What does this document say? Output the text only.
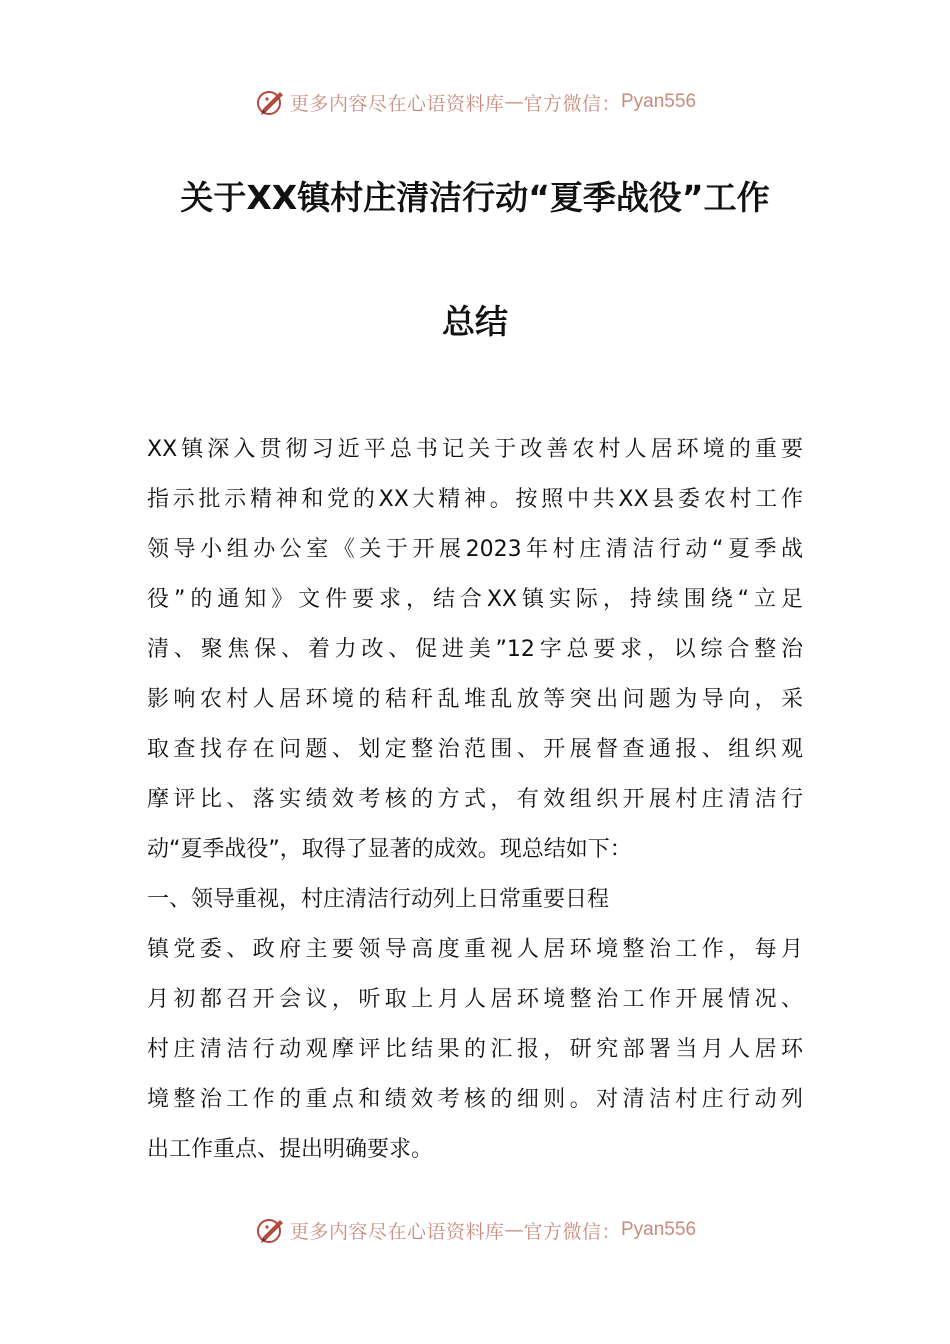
更多内容尽在心语资料库 — 官方微信： Pyan556
关于XX镇村庄清洁行动“夏季战役”工作
总结
XX镇深入贯彻习近平总书记关于改善农村人居环境的重要
指示批示精神和党的XX大精神。按照中共XX县委农村工作
领导小组办公室《关于开展2023年村庄清洁行动“夏季战
役”的通知》文件要求，结合XX镇实际，持续围绕“立足
清、聚焦保、着力改、促进美”12字总要求，以综合整治
影响农村人居环境的秸秆乱堆乱放等突出问题为导向，采
取查找存在问题、划定整治范围、开展督查通报、组织观
摩评比、落实绩效考核的方式，有效组织开展村庄清洁行
动“夏季战役”，取得了显著的成效。现总结如下：
一、领导重视，村庄清洁行动列上日常重要日程
镇党委、政府主要领导高度重视人居环境整治工作，每月
月初都召开会议，听取上月人居环境整治工作开展情况、
村庄清洁行动观摩评比结果的汇报，研究部署当月人居环
境整治工作的重点和绩效考核的细则。对清洁村庄行动列
出工作重点、提出明确要求。
更多内容尽在心语资料库 — 官方微信： Pyan556
